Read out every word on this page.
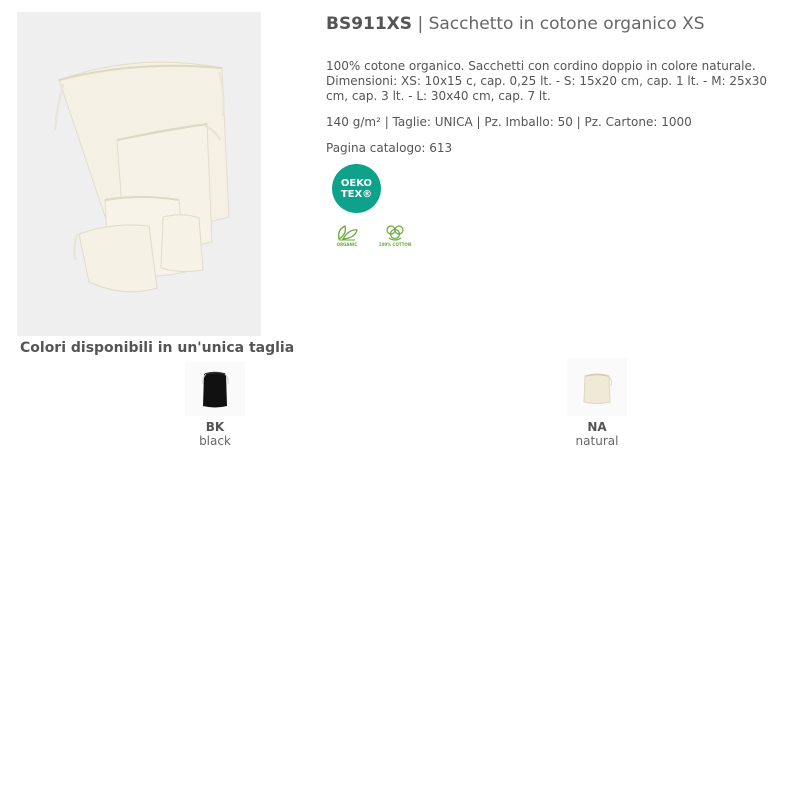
BS911XS | Sacchetto in cotone organico XS
100% cotone organico. Sacchetti con cordino doppio in colore naturale. Dimensioni: XS: 10x15 c, cap. 0,25 lt. - S: 15x20 cm, cap. 1 lt. - M: 25x30 cm, cap. 3 lt. - L: 30x40 cm, cap. 7 lt.
140 g/m² | Taglie: UNICA | Pz. Imballo: 50 | Pz. Cartone: 1000
Pagina catalogo: 613
OEKO
TEX®
ORGANIC	100% COTTON
Colori disponibili in un'unica taglia
BK
black
NA
natural
